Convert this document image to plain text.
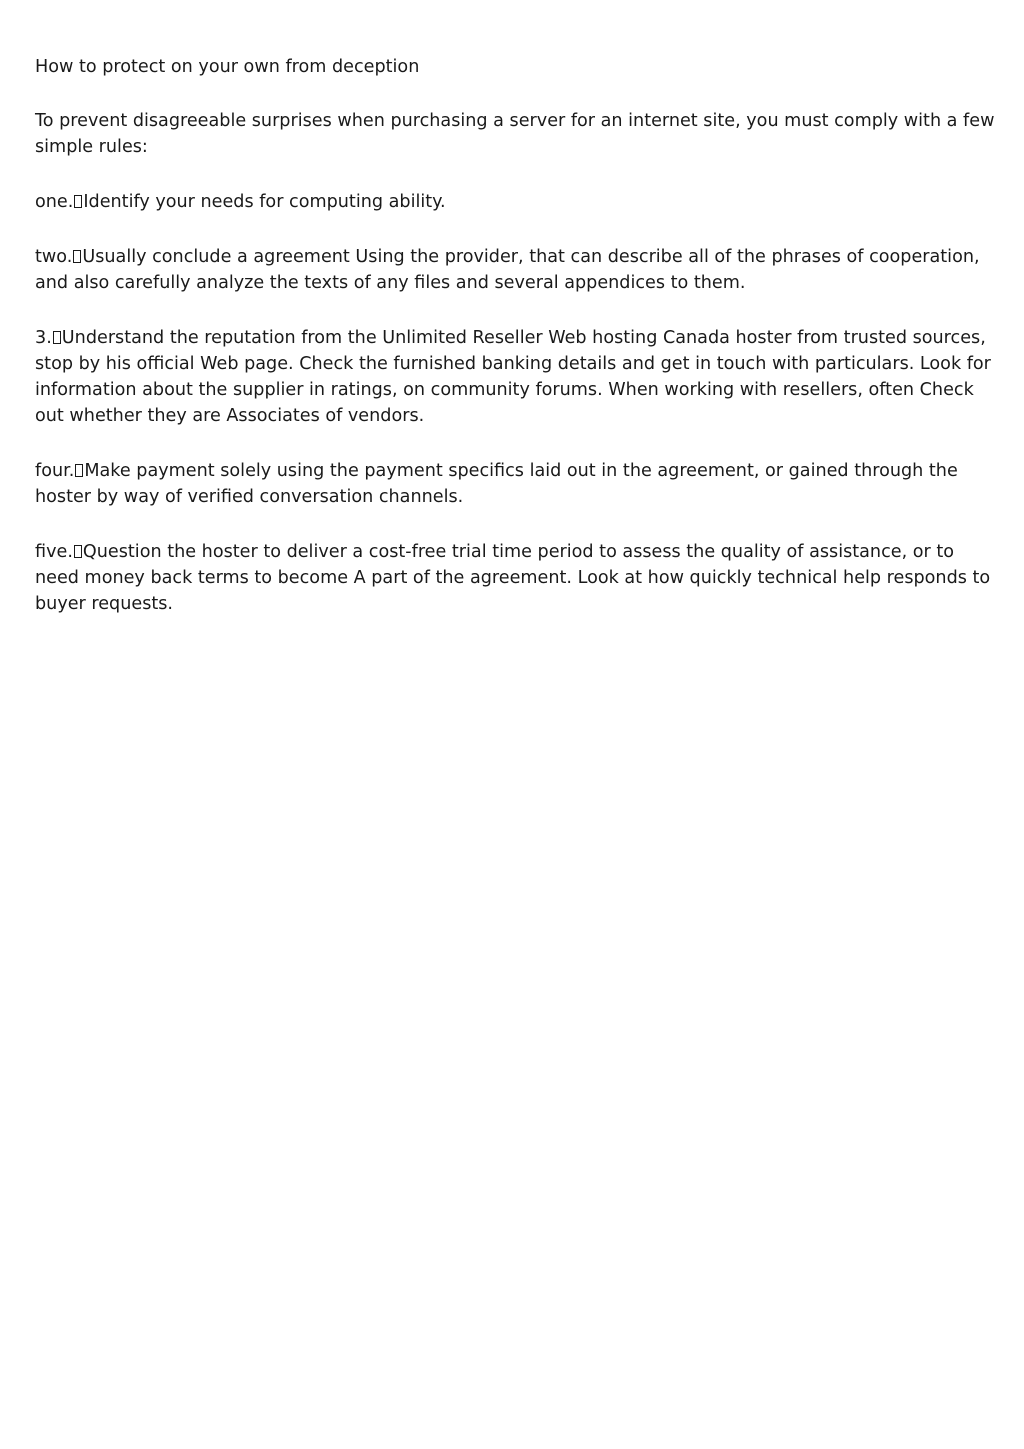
How to protect on your own from deception

To prevent disagreeable surprises when purchasing a server for an internet site, you must comply with a few simple rules:

one. Identify your needs for computing ability.

two. Usually conclude a agreement Using the provider, that can describe all of the phrases of cooperation, and also carefully analyze the texts of any files and several appendices to them.

3. Understand the reputation from the Unlimited Reseller Web hosting Canada hoster from trusted sources, stop by his official Web page. Check the furnished banking details and get in touch with particulars. Look for information about the supplier in ratings, on community forums. When working with resellers, often Check out whether they are Associates of vendors.

four. Make payment solely using the payment specifics laid out in the agreement, or gained through the hoster by way of verified conversation channels.

five. Question the hoster to deliver a cost-free trial time period to assess the quality of assistance, or to need money back terms to become A part of the agreement. Look at how quickly technical help responds to buyer requests.
